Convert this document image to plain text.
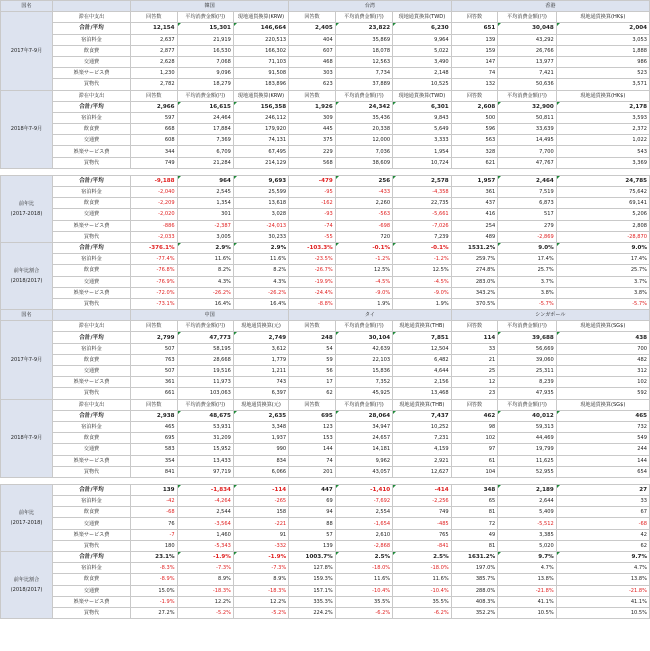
国名		韓国			台湾			香港		
2017年7-9月	滞在中支出	回答数	平均消費金額(円)	現地通貨換算(KRW)	回答数	平均消費金額(円)	現地通貨換算(TWD)	回答数	平均消費金額(円)	現地通貨換算(HK$)
	合計/平均	12,154	15,301	146,664	2,405	23,822	6,230	651	30,048	2,004
	宿泊料金	2,637	21,919	220,513	404	35,869	9,964	139	43,292	3,053
	飲食費	2,877	16,530	166,302	607	18,078	5,022	159	26,766	1,888
	交通費	2,628	7,068	71,103	468	12,563	3,490	147	13,977	986
	娯楽サービス費	1,230	9,096	91,508	303	7,734	2,148	74	7,421	523
	買物代	2,782	18,279	183,896	623	37,889	10,525	132	50,636	3,571
2018年7-9月	滞在中支出	回答数	平均消費金額(円)	現地通貨換算(KRW)	回答数	平均消費金額(円)	現地通貨換算(TWD)	回答数	平均消費金額(円)	現地通貨換算(HK$)
	合計/平均	2,966	16,615	156,358	1,926	24,342	6,301	2,608	32,900	2,178
	宿泊料金	597	24,464	246,112	309	35,436	9,843	500	50,811	3,593
	飲食費	668	17,884	179,920	445	20,338	5,649	596	33,639	2,372
	交通費	608	7,369	74,131	375	12,000	3,333	563	14,495	1,022
	娯楽サービス費	344	6,709	67,495	229	7,036	1,954	328	7,700	543
	買物代	749	21,284	214,129	568	38,609	10,724	621	47,767	3,369

前年比
(2017-2018)	合計/平均	-9,188	964	9,693	-479	256	2,578	1,957	2,464	24,785
	宿泊料金	-2,040	2,545	25,599	-95	-433	-4,358	361	7,519	75,642
	飲食費	-2,209	1,354	13,618	-162	2,260	22,735	437	6,873	69,141
	交通費	-2,020	301	3,028	-93	-563	-5,661	416	517	5,206
	娯楽サービス費	-886	-2,387	-24,013	-74	-698	-7,026	254	279	2,808
	買物代	-2,033	3,005	30,233	-55	720	7,239	489	-2,869	-28,870
前年比割合
(2018/2017)	合計/平均	-376.1%	2.9%	2.9%	-103.3%	-0.1%	-0.1%	1531.2%	9.0%	9.0%
	宿泊料金	-77.4%	11.6%	11.6%	-23.5%	-1.2%	-1.2%	259.7%	17.4%	17.4%
	飲食費	-76.8%	8.2%	8.2%	-26.7%	12.5%	12.5%	274.8%	25.7%	25.7%
	交通費	-76.9%	4.3%	4.3%	-19.9%	-4.5%	-4.5%	283.0%	3.7%	3.7%
	娯楽サービス費	-72.0%	-26.2%	-26.2%	-24.4%	-9.0%	-9.0%	343.2%	3.8%	3.8%
	買物代	-73.1%	16.4%	16.4%	-8.8%	1.9%	1.9%	370.5%	-5.7%	-5.7%
国名		中国			タイ			シンガポール		
2017年7-9月	滞在中支出	回答数	平均消費金額(円)	現地通貨換算(元)	回答数	平均消費金額(円)	現地通貨換算(THB)	回答数	平均消費金額(円)	現地通貨換算(SG$)
	合計/平均	2,799	47,773	2,749	248	30,104	7,851	114	39,688	438
	宿泊料金	507	58,195	3,612	54	42,639	12,504	33	56,669	700
	飲食費	763	28,668	1,779	59	22,103	6,482	21	39,060	482
	交通費	507	19,516	1,211	56	15,836	4,644	25	25,311	312
	娯楽サービス費	361	11,973	743	17	7,352	2,156	12	8,239	102
	買物代	661	103,063	6,397	62	45,925	13,468	23	47,935	592
2018年7-9月	滞在中支出	回答数	平均消費金額(円)	現地通貨換算(元)	回答数	平均消費金額(円)	現地通貨換算(THB)	回答数	平均消費金額(円)	現地通貨換算(SG$)
	合計/平均	2,938	48,675	2,635	695	28,064	7,437	462	40,012	465
	宿泊料金	465	53,931	3,348	123	34,947	10,252	98	59,313	732
	飲食費	695	31,209	1,937	153	24,657	7,231	102	44,469	549
	交通費	583	15,952	990	144	14,181	4,159	97	19,799	244
	娯楽サービス費	354	13,433	834	74	9,962	2,921	61	11,625	144
	買物代	841	97,719	6,066	201	43,057	12,627	104	52,955	654

前年比
(2017-2018)	合計/平均	139	-1,834	-114	447	-1,410	-414	348	2,189	27
	宿泊料金	-42	-4,264	-265	69	-7,692	-2,256	65	2,644	33
	飲食費	-68	2,544	158	94	2,554	749	81	5,409	67
	交通費	76	-3,564	-221	88	-1,654	-485	72	-5,512	-68
	娯楽サービス費	-7	1,460	91	57	2,610	765	49	3,385	42
	買物代	180	-5,343	-332	139	-2,868	-841	81	5,020	62
前年比割合
(2018/2017)	合計/平均	23.1%	-1.9%	-1.9%	1003.7%	2.5%	2.5%	1631.2%	9.7%	9.7%
	宿泊料金	-8.3%	-7.3%	-7.3%	127.8%	-18.0%	-18.0%	197.0%	4.7%	4.7%
	飲食費	-8.9%	8.9%	8.9%	159.3%	11.6%	11.6%	385.7%	13.8%	13.8%
	交通費	15.0%	-18.3%	-18.3%	157.1%	-10.4%	-10.4%	288.0%	-21.8%	-21.8%
	娯楽サービス費	-1.9%	12.2%	12.2%	335.3%	35.5%	35.5%	408.3%	41.1%	41.1%
	買物代	27.2%	-5.2%	-5.2%	224.2%	-6.2%	-6.2%	352.2%	10.5%	10.5%
